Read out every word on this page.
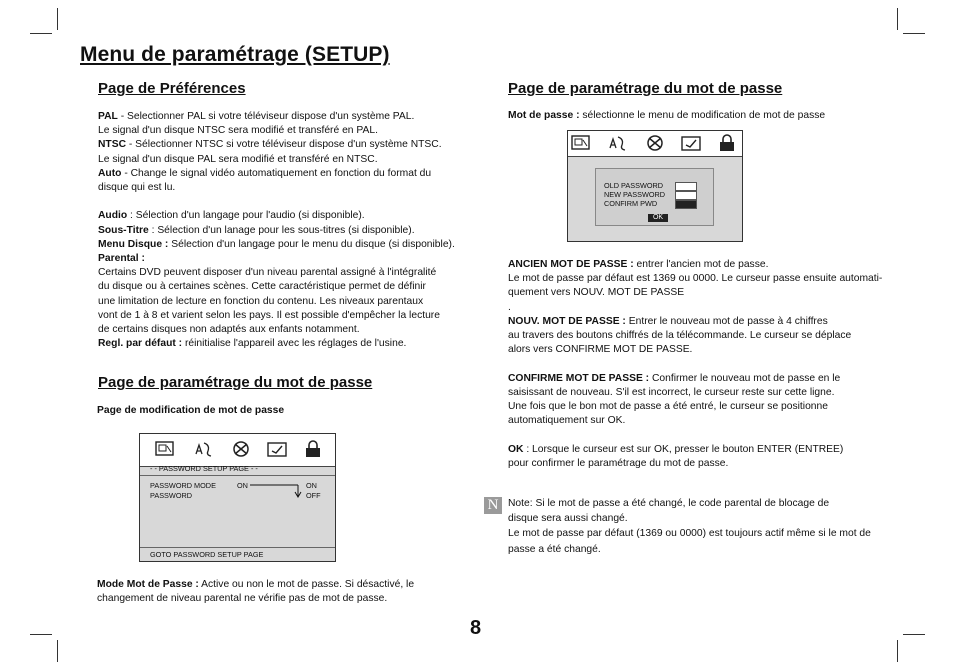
Menu de paramétrage (SETUP)
Page de Préférences
PAL - Selectionner PAL si votre téléviseur dispose d'un système PAL.
Le signal d'un disque NTSC sera modifié et transféré en PAL.
NTSC - Sélectionner NTSC si votre téléviseur dispose d'un système NTSC.
Le signal d'un disque PAL sera modifié et transféré en NTSC.
Auto - Change le signal vidéo automatiquement en fonction du format du
disque qui est lu.

Audio : Sélection d'un langage pour l'audio (si disponible).
Sous-Titre : Sélection d'un lanage pour les sous-titres (si disponible).
Menu Disque : Sélection d'un langage pour le menu du disque (si disponible).
Parental :
Certains DVD peuvent disposer d'un niveau parental assigné à l'intégralité
du disque ou à certaines scènes. Cette caractéristique permet de définir
une limitation de lecture en fonction du contenu. Les niveaux parentaux
vont de 1 à 8 et varient selon les pays. Il est possible d'empêcher la lecture
de certains disques non adaptés aux enfants notamment.
Regl. par défaut : réinitialise l'appareil avec les réglages de l'usine.
Page de paramétrage du mot de passe
Page de modification de mot de passe
- - PASSWORD SETUP PAGE - -
PASSWORD MODE	ON
PASSWORD
ON
OFF
GOTO PASSWORD SETUP PAGE
Mode Mot de Passe : Active ou non le mot de passe. Si désactivé, le
changement de niveau parental ne vérifie pas de mot de passe.
Page de paramétrage du mot de passe
Mot de passe : sélectionne le menu de modification de mot de passe
OLD PASSWORD
NEW PASSWORD
CONFIRM PWD
OK
ANCIEN MOT DE PASSE : entrer l'ancien mot de passe.
Le mot de passe par défaut est 1369 ou 0000. Le curseur passe ensuite automati-
quement vers NOUV. MOT DE PASSE
.
NOUV. MOT DE PASSE : Entrer le nouveau mot de passe à 4 chiffres
au travers des boutons chiffrés de la télécommande. Le curseur se déplace
alors vers CONFIRME MOT DE PASSE.

CONFIRME MOT DE PASSE : Confirmer le nouveau mot de passe en le
saisissant de nouveau. S'il est incorrect, le curseur reste sur cette ligne.
Une fois que le bon mot de passe a été entré, le curseur se positionne
automatiquement sur OK.

OK : Lorsque le curseur est sur OK, presser le bouton ENTER (ENTREE)
pour confirmer le paramétrage du mot de passe.
N Note: Si le mot de passe a été changé, le code parental de blocage de
disque sera aussi changé.
Le mot de passe par défaut (1369 ou 0000) est toujours actif même si le mot de
passe a été changé.
8
